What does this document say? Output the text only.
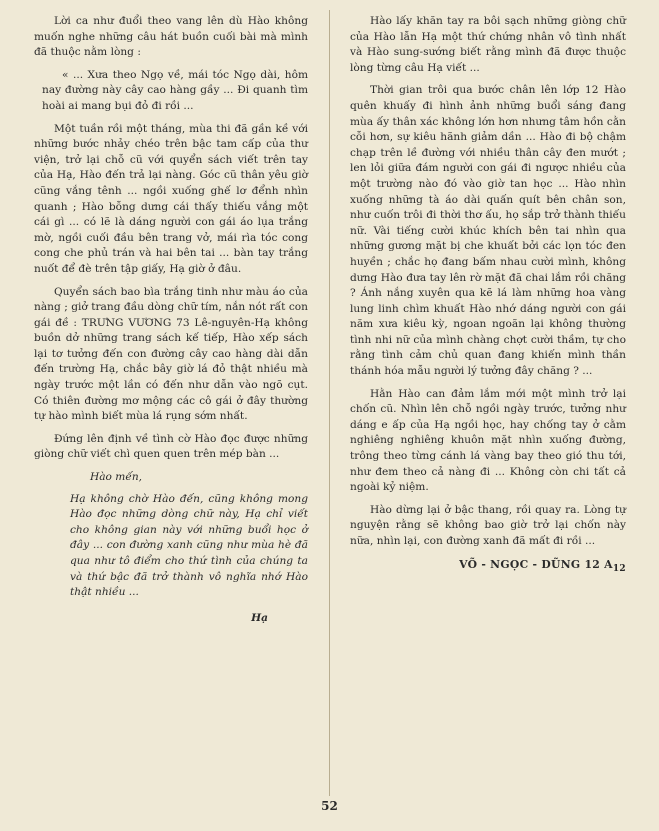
Lời ca như đuổi theo vang lên dù Hào không muốn nghe những câu hát buồn cuối bài mà mình đã thuộc nằm lòng :

« ... Xưa theo Ngọ về, mái tóc Ngọ dài, hôm nay đường này cây cao hàng gầy ... Đi quanh tìm hoài ai mang bụi đỏ đi rồi ...

Một tuần rồi một tháng, mùa thi đã gần kề với những bước nhảy chéo trên bậc tam cấp của thư viện, trở lại chỗ cũ với quyển sách viết trên tay của Hạ, Hào đến trả lại nàng. Góc cũ thân yêu giờ cũng vắng tênh ... ngồi xuống ghế lơ đểnh nhìn quanh ; Hào bỗng dưng cái thấy thiếu vắng một cái gì ... có lẽ là dáng người con gái áo lụa trắng mờ, ngồi cuối đầu bên trang vở, mái rìa tóc cong cong che phủ trán và hai bên tai ... bàn tay trắng nuốt để đè trên tập giấy, Hạ giờ ở đâu.

Quyển sách bao bìa trắng tinh như màu áo của nàng ; giở trang đầu dòng chữ tím, nắn nót rất con gái đề : TRƯNG VƯƠNG 73 Lê-nguyên-Hạ không buồn dở những trang sách kế tiếp, Hào xếp sách lại tơ tưởng đến con đường cây cao hàng dài dẫn đến trường Hạ, chắc bây giờ lá đỏ thật nhiều mà ngày trước một lần có đến như dẫn vào ngõ cụt. Có thiên đường mơ mộng các cô gái ở đây thường tự hào mình biết mùa lá rụng sớm nhất.

Đứng lên định về tình cờ Hào đọc được những giòng chữ viết chì quen quen trên mép bàn ...

Hào mến,

Hạ không chờ Hào đến, cũng không mong Hào đọc những dòng chữ này, Hạ chỉ viết cho không gian này với những buổi học ở đây ... con đường xanh cũng như mùa hè đã qua như tô điểm cho thứ tình của chúng ta và thứ bậc đã trở thành vô nghĩa nhớ Hào thật nhiều ...

Hạ

Hào lấy khăn tay ra bôi sạch những giòng chữ của Hào lẫn Hạ một thứ chứng nhân vô tình nhất và Hào sung-sướng biết rằng mình đã được thuộc lòng từng câu Hạ viết ...

Thời gian trôi qua bước chân lên lớp 12 Hào quên khuấy đi hình ảnh những buổi sáng đang mùa ấy thân xác không lớn hơn nhưng tâm hồn cằn cỗi hơn, sự kiêu hãnh giảm dần ... Hào đi bộ chậm chạp trên lề đường với nhiều thân cây đen mướt ; len lỏi giữa đám người con gái đi ngược nhiều của một trường nào đó vào giờ tan học ... Hào nhìn xuống những tà áo dài quấn quít bên chân son, như cuốn trôi đi thời thơ ấu, họ sắp trở thành thiếu nữ. Vài tiếng cười khúc khích bên tai nhìn qua những gương mặt bị che khuất bởi các lọn tóc đen huyền ; chắc họ đang bấm nhau cười mình, không dưng Hào đưa tay lên rờ mặt đã chai lắm rồi chăng ? Ánh nắng xuyên qua kẽ lá làm những hoa vàng lung linh chìm khuất Hào nhớ dáng người con gái năm xưa kiêu kỳ, ngoan ngoãn lại không thường tình nhi nữ của mình chàng chợt cười thầm, tự cho rằng tình cảm chủ quan đang khiến mình thần thánh hóa mẫu người lý tưởng đây chăng ? ...

Hằn Hào can đảm lắm mới một mình trở lại chốn cũ. Nhìn lên chỗ ngồi ngày trước, tưởng như dáng e ấp của Hạ ngồi học, hay chống tay ở cằm nghiêng nghiêng khuôn mặt nhìn xuống đường, trông theo từng cánh lá vàng bay theo gió thu tới, như đem theo cả nàng đi ... Không còn chi tất cả ngoài kỷ niệm.

Hào dừng lại ở bậc thang, rồi quay ra. Lòng tự nguyện rằng sẽ không bao giờ trở lại chốn này nữa, nhìn lại, con đường xanh đã mất đi rồi ...

VÕ - NGỌC - DŨNG 12 $A_{12}$
52
